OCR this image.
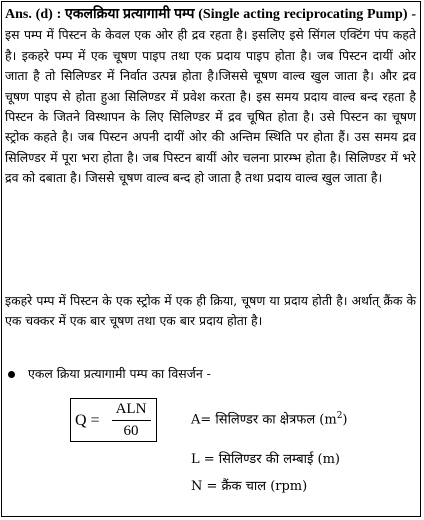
Ans. (d) : एकलक्रिया प्रत्यागामी पम्प (Single acting reciprocating Pump) - इस पम्प में पिस्टन के केवल एक ओर ही द्रव रहता है। इसलिए इसे सिंगल एक्टिंग पंप कहते है। इकहरे पम्प में एक चूषण पाइप तथा एक प्रदाय पाइप होता है। जब पिस्टन दायीं ओर जाता है तो सिलिण्डर में निर्वात उत्पन्न होता है।जिससे चूषण वाल्व खुल जाता है। और द्रव चूषण पाइप से होता हुआ सिलिण्डर में प्रवेश करता है। इस समय प्रदाय वाल्व बन्द रहता है पिस्टन के जितने विस्थापन के लिए सिलिण्डर में द्रव चूषित होता है। उसे पिस्टन का चूषण स्ट्रोक कहते है। जब पिस्टन अपनी दायीं ओर की अन्तिम स्थिति पर होता हैं। उस समय द्रव सिलिण्डर में पूरा भरा होता है। जब पिस्टन बायीं ओर चलना प्रारम्भ होता है। सिलिण्डर में भरे द्रव को दबाता है। जिससे चूषण वाल्व बन्द हो जाता है तथा प्रदाय वाल्व खुल जाता है।

इकहरे पम्प में पिस्टन के एक स्ट्रोक में एक ही क्रिया, चूषण या प्रदाय होती है। अर्थात् क्रैंक के एक चक्कर में एक बार चूषण तथा एक बार प्रदाय होता है।

एकल क्रिया प्रत्यागामी पम्प का विसर्जन -
Q =
ALN
60
A= सिलिण्डर का क्षेत्रफल $(m^2)$
L = सिलिण्डर की लम्बाई (m)
N = क्रैंक चाल (rpm)
